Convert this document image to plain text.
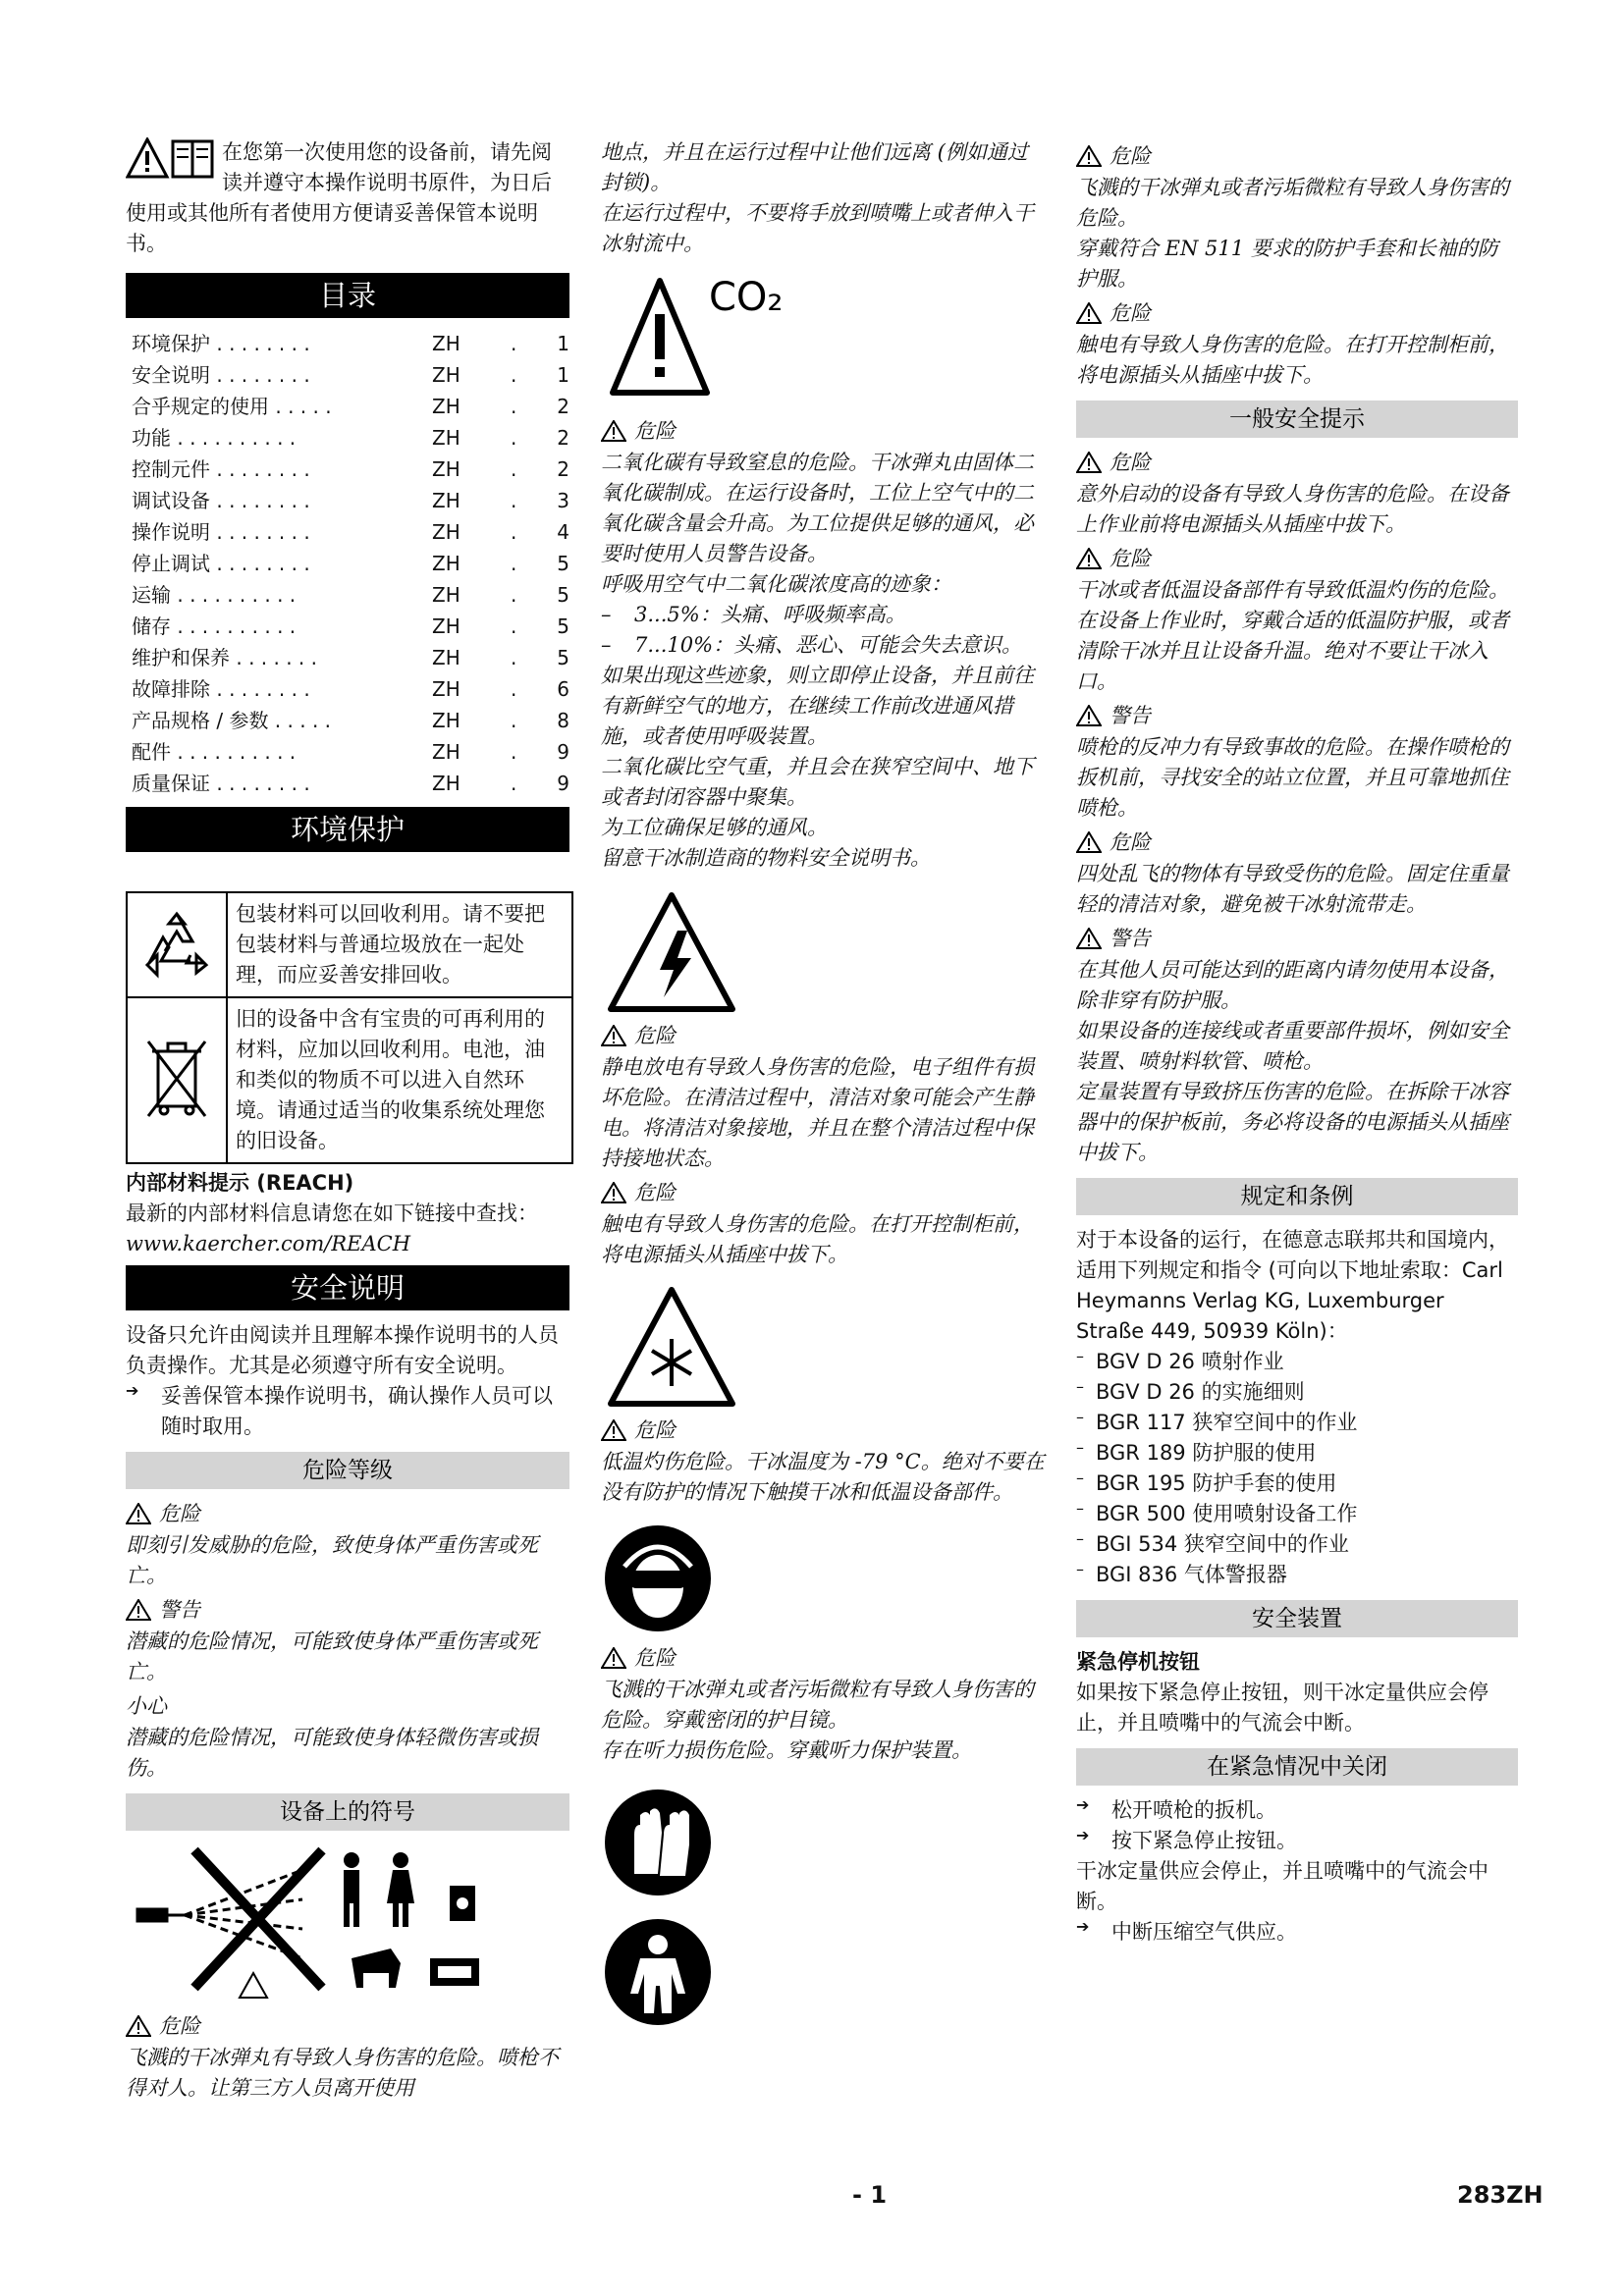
在您第一次使用您的设备前，请先阅读并遵守本操作说明书原件，为日后使用或其他所有者使用方便请妥善保管本说明书。

目录
环境保护 . . . . . . . .	ZH	.	1
安全说明 . . . . . . . .	ZH	.	1
合乎规定的使用 . . . . .	ZH	.	2
功能 . . . . . . . . . .	ZH	.	2
控制元件 . . . . . . . .	ZH	.	2
调试设备 . . . . . . . .	ZH	.	3
操作说明 . . . . . . . .	ZH	.	4
停止调试 . . . . . . . .	ZH	.	5
运输 . . . . . . . . . .	ZH	.	5
储存 . . . . . . . . . .	ZH	.	5
维护和保养 . . . . . . .	ZH	.	5
故障排除 . . . . . . . .	ZH	.	6
产品规格 / 参数 . . . . .	ZH	.	8
配件 . . . . . . . . . .	ZH	.	9
质量保证 . . . . . . . .	ZH	.	9
环境保护
包装材料可以回收利用。请不要把包装材料与普通垃圾放在一起处理，而应妥善安排回收。
旧的设备中含有宝贵的可再利用的材料，应加以回收利用。电池，油和类似的物质不可以进入自然环境。请通过适当的收集系统处理您的旧设备。

内部材料提示 (REACH)

最新的内部材料信息请您在如下链接中查找：

www.kaercher.com/REACH

安全说明

设备只允许由阅读并且理解本操作说明书的人员负责操作。尤其是必须遵守所有安全说明。

➔	妥善保管本操作说明书，确认操作人员可以随时取用。

危险等级
危险

即刻引发威胁的危险，致使身体严重伤害或死亡。

警告

潜藏的危险情况，可能致使身体严重伤害或死亡。

小心

潜藏的危险情况，可能致使身体轻微伤害或损伤。

设备上的符号
危险

飞溅的干冰弹丸有导致人身伤害的危险。喷枪不得对人。让第三方人员离开使用

地点，并且在运行过程中让他们远离 (例如通过封锁)。

在运行过程中，不要将手放到喷嘴上或者伸入干冰射流中。

CO₂
危险

二氧化碳有导致窒息的危险。干冰弹丸由固体二氧化碳制成。在运行设备时，工位上空气中的二氧化碳含量会升高。为工位提供足够的通风，必要时使用人员警告设备。

呼吸用空气中二氧化碳浓度高的迹象：

–	3...5%：头痛、呼吸频率高。
–	7...10%：头痛、恶心、可能会失去意识。

如果出现这些迹象，则立即停止设备，并且前往有新鲜空气的地方，在继续工作前改进通风措施，或者使用呼吸装置。

二氧化碳比空气重，并且会在狭窄空间中、地下或者封闭容器中聚集。

为工位确保足够的通风。

留意干冰制造商的物料安全说明书。

危险

静电放电有导致人身伤害的危险，电子组件有损坏危险。在清洁过程中，清洁对象可能会产生静电。将清洁对象接地，并且在整个清洁过程中保持接地状态。

危险

触电有导致人身伤害的危险。在打开控制柜前，将电源插头从插座中拔下。

危险

低温灼伤危险。干冰温度为 -79 °C。绝对不要在没有防护的情况下触摸干冰和低温设备部件。

危险

飞溅的干冰弹丸或者污垢微粒有导致人身伤害的危险。穿戴密闭的护目镜。

存在听力损伤危险。穿戴听力保护装置。

危险

飞溅的干冰弹丸或者污垢微粒有导致人身伤害的危险。

穿戴符合 EN 511 要求的防护手套和长袖的防护服。

危险

触电有导致人身伤害的危险。在打开控制柜前，将电源插头从插座中拔下。

一般安全提示
危险

意外启动的设备有导致人身伤害的危险。在设备上作业前将电源插头从插座中拔下。

危险

干冰或者低温设备部件有导致低温灼伤的危险。在设备上作业时，穿戴合适的低温防护服，或者清除干冰并且让设备升温。绝对不要让干冰入口。

警告

喷枪的反冲力有导致事故的危险。在操作喷枪的扳机前，寻找安全的站立位置，并且可靠地抓住喷枪。

危险

四处乱飞的物体有导致受伤的危险。固定住重量轻的清洁对象，避免被干冰射流带走。

警告

在其他人员可能达到的距离内请勿使用本设备，除非穿有防护服。

如果设备的连接线或者重要部件损坏，例如安全装置、喷射料软管、喷枪。

定量装置有导致挤压伤害的危险。在拆除干冰容器中的保护板前，务必将设备的电源插头从插座中拔下。

规定和条例

对于本设备的运行，在德意志联邦共和国境内，适用下列规定和指令 (可向以下地址索取：Carl Heymanns Verlag KG, Luxemburger Straße 449, 50939 Köln)：

– BGV D 26 喷射作业

– BGV D 26 的实施细则

– BGR 117 狭窄空间中的作业

– BGR 189 防护服的使用

– BGR 195 防护手套的使用

– BGR 500 使用喷射设备工作

– BGI 534 狭窄空间中的作业

– BGI 836 气体警报器

安全装置

紧急停机按钮

如果按下紧急停止按钮，则干冰定量供应会停止，并且喷嘴中的气流会中断。

在紧急情况中关闭
➔	松开喷枪的扳机。

➔	按下紧急停止按钮。

干冰定量供应会停止，并且喷嘴中的气流会中断。

➔	中断压缩空气供应。

- 1	283ZH
